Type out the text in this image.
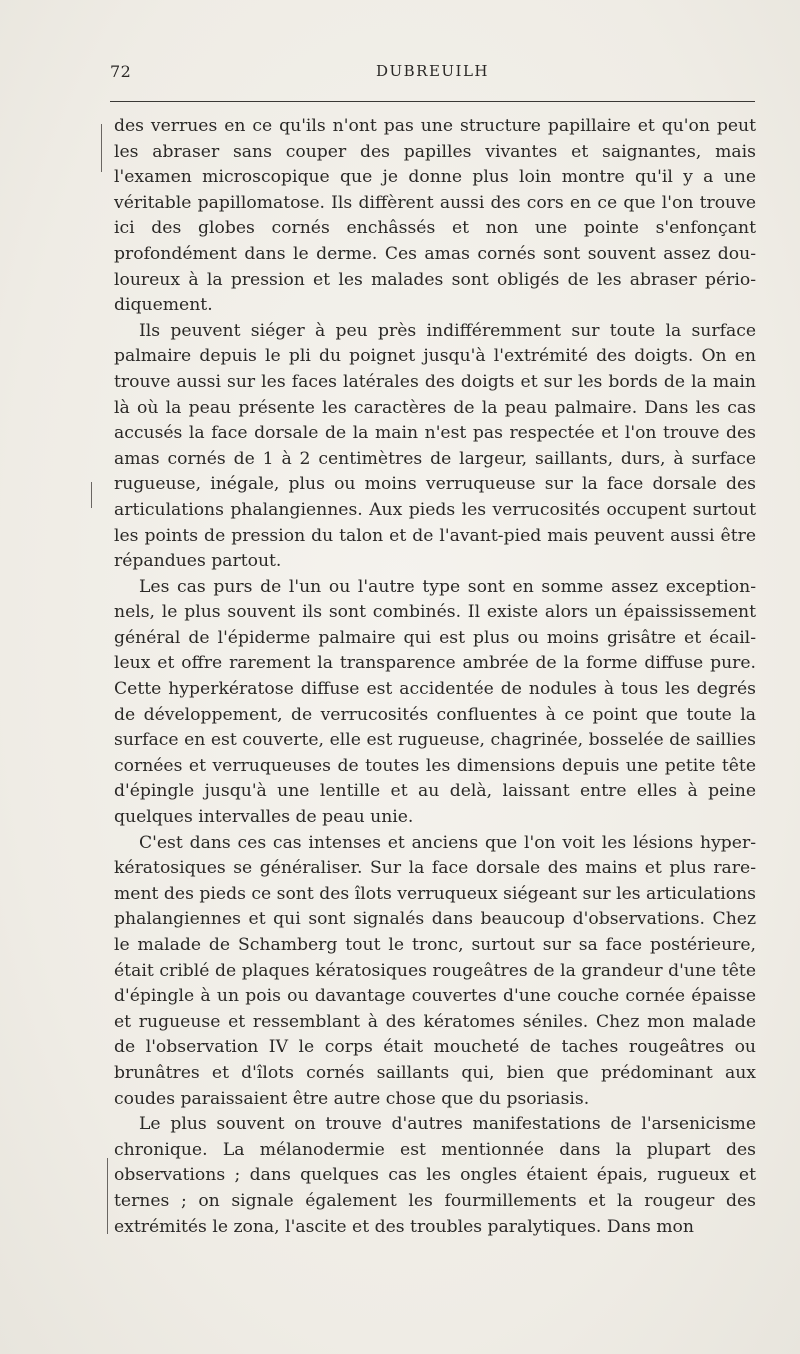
72	DUBREUILH

des verrues en ce qu'ils n'ont pas une structure papillaire et qu'on peut les abraser sans couper des papilles vivantes et saignantes, mais l'examen microscopique que je donne plus loin montre qu'il y a une véritable papillomatose. Ils diffèrent aussi des cors en ce que l'on trouve ici des globes cornés enchâssés et non une pointe s'enfonçant profondément dans le derme. Ces amas cornés sont souvent assez douloureux à la pression et les malades sont obligés de les abraser périodiquement.

Ils peuvent siéger à peu près indifféremment sur toute la surface palmaire depuis le pli du poignet jusqu'à l'extrémité des doigts. On en trouve aussi sur les faces latérales des doigts et sur les bords de la main là où la peau présente les caractères de la peau palmaire. Dans les cas accusés la face dorsale de la main n'est pas respectée et l'on trouve des amas cornés de 1 à 2 centimètres de largeur, saillants, durs, à surface rugueuse, inégale, plus ou moins verruqueuse sur la face dorsale des articulations phalangiennes. Aux pieds les verrucosités occupent surtout les points de pression du talon et de l'avant-pied mais peuvent aussi être répandues partout.

Les cas purs de l'un ou l'autre type sont en somme assez exceptionnels, le plus souvent ils sont combinés. Il existe alors un épaississement général de l'épiderme palmaire qui est plus ou moins grisâtre et écailleux et offre rarement la transparence ambrée de la forme diffuse pure. Cette hyperkératose diffuse est accidentée de nodules à tous les degrés de développement, de verrucosités confluentes à ce point que toute la surface en est couverte, elle est rugueuse, chagrinée, bosselée de saillies cornées et verruqueuses de toutes les dimensions depuis une petite tête d'épingle jusqu'à une lentille et au delà, laissant entre elles à peine quelques intervalles de peau unie.

C'est dans ces cas intenses et anciens que l'on voit les lésions hyperkératosiques se généraliser. Sur la face dorsale des mains et plus rarement des pieds ce sont des îlots verruqueux siégeant sur les articulations phalangiennes et qui sont signalés dans beaucoup d'observations. Chez le malade de Schamberg tout le tronc, surtout sur sa face postérieure, était criblé de plaques kératosiques rougeâtres de la grandeur d'une tête d'épingle à un pois ou davantage couvertes d'une couche cornée épaisse et rugueuse et ressemblant à des kératomes séniles. Chez mon malade de l'observation IV le corps était moucheté de taches rougeâtres ou brunâtres et d'îlots cornés saillants qui, bien que prédominant aux coudes paraissaient être autre chose que du psoriasis.

Le plus souvent on trouve d'autres manifestations de l'arsenicisme chronique. La mélanodermie est mentionnée dans la plupart des observations ; dans quelques cas les ongles étaient épais, rugueux et ternes ; on signale également les fourmillements et la rougeur des extrémités le zona, l'ascite et des troubles paralytiques. Dans mon
